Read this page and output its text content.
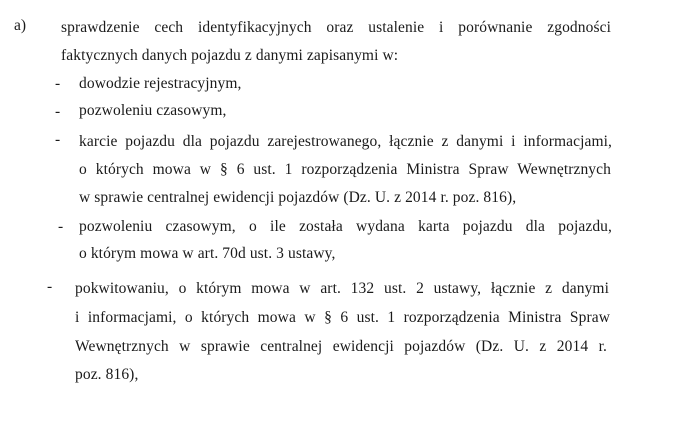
a) sprawdzenie cech identyfikacyjnych oraz ustalenie i porównanie zgodności
faktycznych danych pojazdu z danymi zapisanymi w:
- dowodzie rejestracyjnym,
- pozwoleniu czasowym,
- karcie pojazdu dla pojazdu zarejestrowanego, łącznie z danymi i informacjami,
o których mowa w § 6 ust. 1 rozporządzenia Ministra Spraw Wewnętrznych
w sprawie centralnej ewidencji pojazdów (Dz. U. z 2014 r. poz. 816),
- pozwoleniu czasowym, o ile została wydana karta pojazdu dla pojazdu,
o którym mowa w art. 70d ust. 3 ustawy,
- pokwitowaniu, o którym mowa w art. 132 ust. 2 ustawy, łącznie z danymi
i informacjami, o których mowa w § 6 ust. 1 rozporządzenia Ministra Spraw
Wewnętrznych w sprawie centralnej ewidencji pojazdów (Dz. U. z 2014 r.
poz. 816),
